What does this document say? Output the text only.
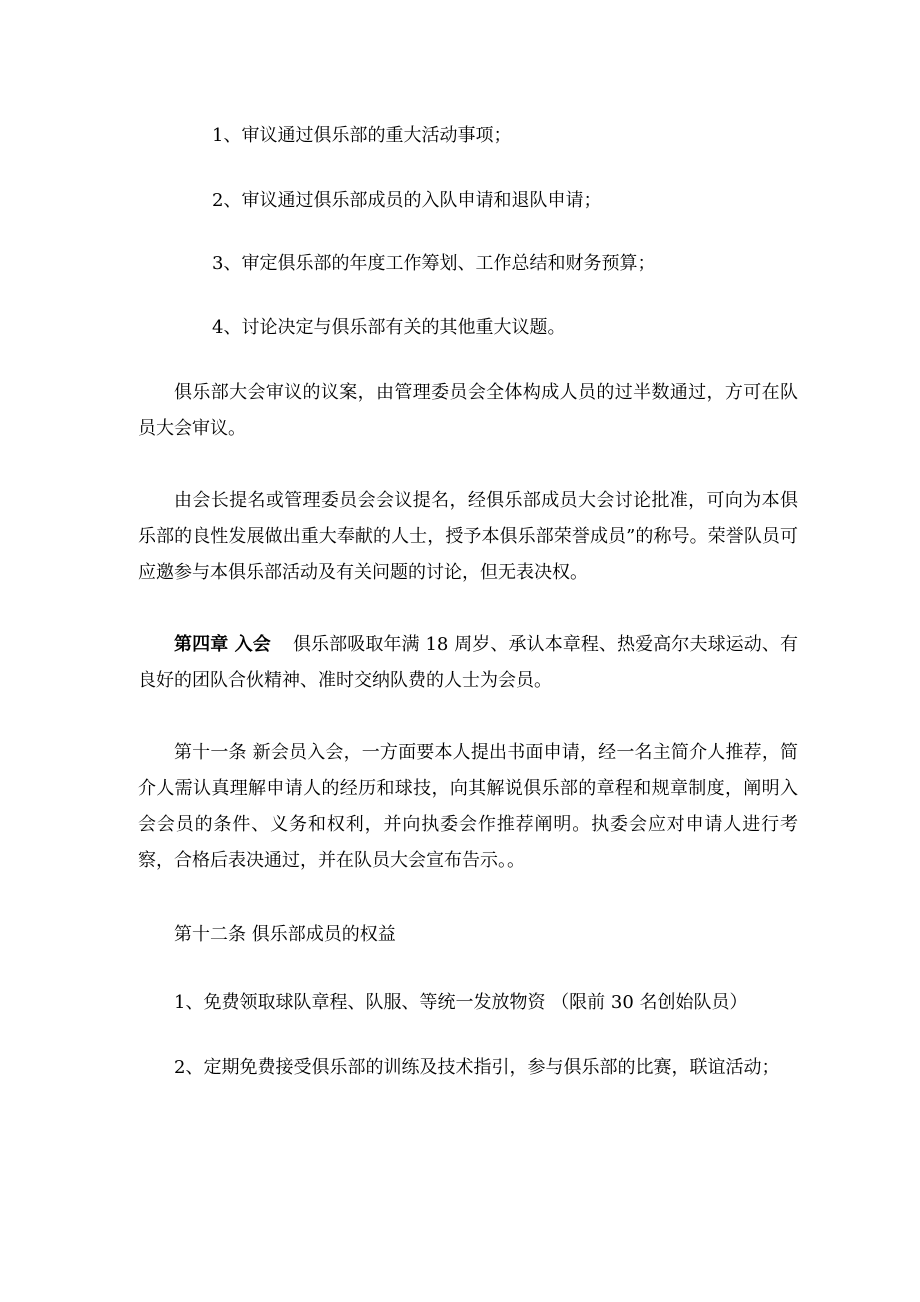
1、审议通过俱乐部的重大活动事项；

2、审议通过俱乐部成员的入队申请和退队申请；

3、审定俱乐部的年度工作筹划、工作总结和财务预算；

4、讨论决定与俱乐部有关的其他重大议题。

俱乐部大会审议的议案，由管理委员会全体构成人员的过半数通过，方可在队员大会审议。

由会长提名或管理委员会会议提名，经俱乐部成员大会讨论批准，可向为本俱乐部的良性发展做出重大奉献的人士，授予本俱乐部荣誉成员”的称号。荣誉队员可应邀参与本俱乐部活动及有关问题的讨论，但无表决权。

第四章 入会 俱乐部吸取年满 18 周岁、承认本章程、热爱高尔夫球运动、有良好的团队合伙精神、准时交纳队费的人士为会员。

第十一条 新会员入会，一方面要本人提出书面申请，经一名主简介人推荐，简介人需认真理解申请人的经历和球技，向其解说俱乐部的章程和规章制度，阐明入会会员的条件、义务和权利，并向执委会作推荐阐明。执委会应对申请人进行考察，合格后表决通过，并在队员大会宣布告示。。

第十二条 俱乐部成员的权益

1、免费领取球队章程、队服、等统一发放物资 （限前 30 名创始队员）

2、定期免费接受俱乐部的训练及技术指引，参与俱乐部的比赛，联谊活动；
